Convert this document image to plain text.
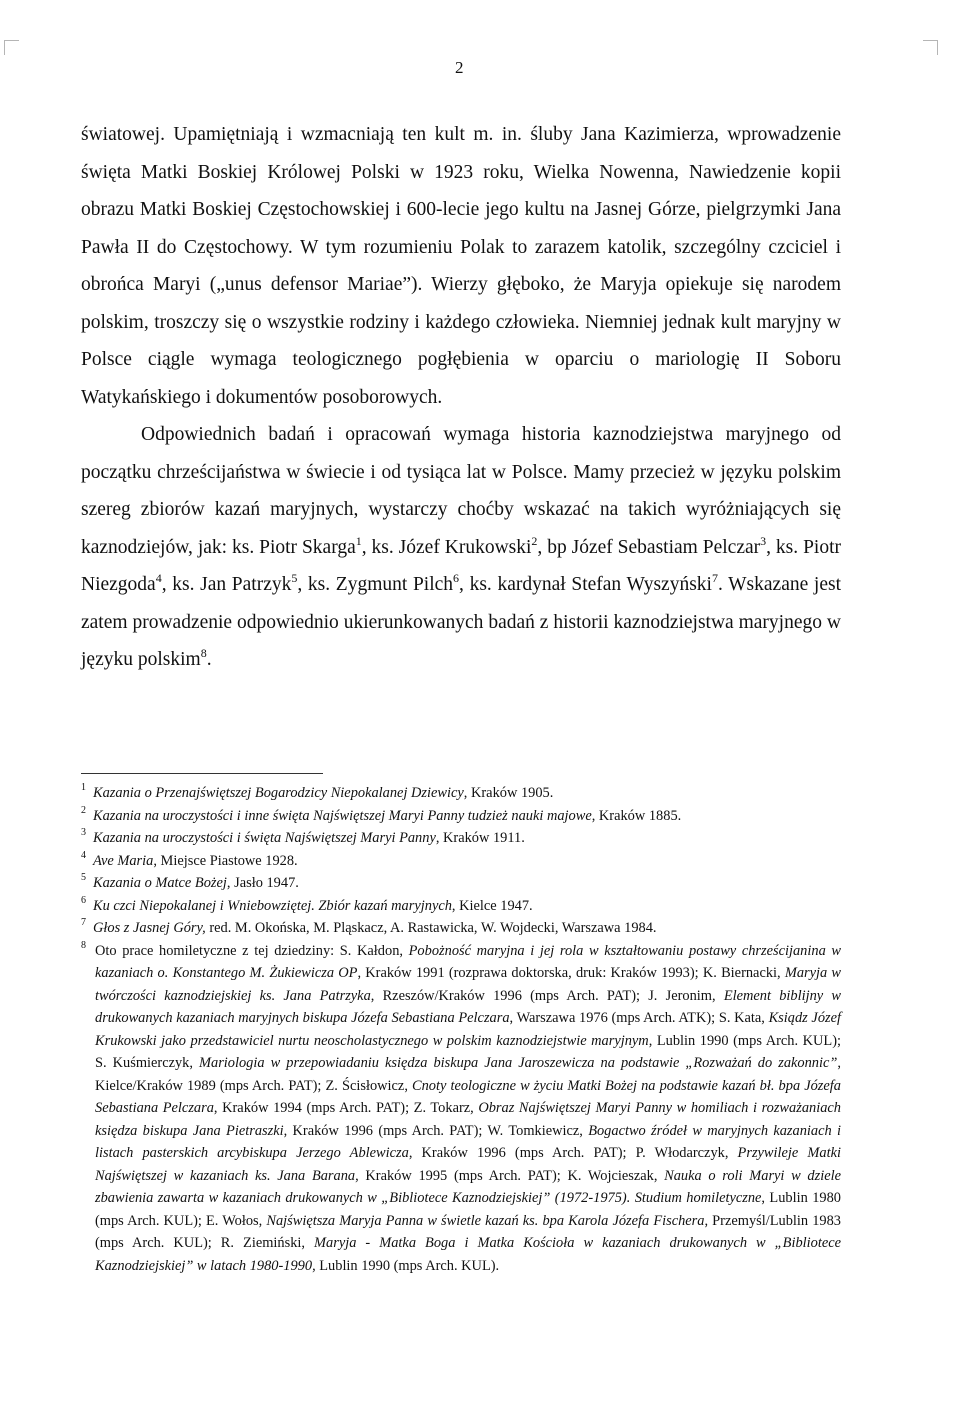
2

światowej. Upamiętniają i wzmacniają ten kult m. in. śluby Jana Kazimierza, wprowadzenie święta Matki Boskiej Królowej Polski w 1923 roku, Wielka Nowenna, Nawiedzenie kopii obrazu Matki Boskiej Częstochowskiej i 600-lecie jego kultu na Jasnej Górze, pielgrzymki Jana Pawła II do Częstochowy. W tym rozumieniu Polak to zarazem katolik, szczególny czciciel i obrońca Maryi („unus defensor Mariae”). Wierzy głęboko, że Maryja opiekuje się narodem polskim, troszczy się o wszystkie rodziny i każdego człowieka. Niemniej jednak kult maryjny w Polsce ciągle wymaga teologicznego pogłębienia w oparciu o mariologię II Soboru Watykańskiego i dokumentów posoborowych.

Odpowiednich badań i opracowań wymaga historia kaznodziejstwa maryjnego od początku chrześcijaństwa w świecie i od tysiąca lat w Polsce. Mamy przecież w języku polskim szereg zbiorów kazań maryjnych, wystarczy choćby wskazać na takich wyróżniających się kaznodziejów, jak: ks. Piotr Skarga$^1$, ks. Józef Krukowski$^2$, bp Józef Sebastiam Pelczar$^3$, ks. Piotr Niezgoda$^4$, ks. Jan Patrzyk$^5$, ks. Zygmunt Pilch$^6$, ks. kardynał Stefan Wyszyński$^7$. Wskazane jest zatem prowadzenie odpowiednio ukierunkowanych badań z historii kaznodziejstwa maryjnego w języku polskim$^8$.

1 Kazania o Przenajświętszej Bogarodzicy Niepokalanej Dziewicy, Kraków 1905.
2 Kazania na uroczystości i inne święta Najświętszej Maryi Panny tudzież nauki majowe, Kraków 1885.
3 Kazania na uroczystości i święta Najświętszej Maryi Panny, Kraków 1911.
4 Ave Maria, Miejsce Piastowe 1928.
5 Kazania o Matce Bożej, Jasło 1947.
6 Ku czci Niepokalanej i Wniebowziętej. Zbiór kazań maryjnych, Kielce 1947.
7 Głos z Jasnej Góry, red. M. Okońska, M. Pląskacz, A. Rastawicka, W. Wojdecki, Warszawa 1984.
8 Oto prace homiletyczne z tej dziedziny: S. Kałdon, Pobożność maryjna i jej rola w kształtowaniu postawy chrześcijanina w kazaniach o. Konstantego M. Żukiewicza OP, Kraków 1991 (rozprawa doktorska, druk: Kraków 1993); K. Biernacki, Maryja w twórczości kaznodziejskiej ks. Jana Patrzyka, Rzeszów/Kraków 1996 (mps Arch. PAT); J. Jeronim, Element biblijny w drukowanych kazaniach maryjnych biskupa Józefa Sebastiana Pelczara, Warszawa 1976 (mps Arch. ATK); S. Kata, Ksiądz Józef Krukowski jako przedstawiciel nurtu neoscholastycznego w polskim kaznodziejstwie maryjnym, Lublin 1990 (mps Arch. KUL); S. Kuśmierczyk, Mariologia w przepowiadaniu księdza biskupa Jana Jaroszewicza na podstawie „Rozważań do zakonnic”, Kielce/Kraków 1989 (mps Arch. PAT); Z. Ścisłowicz, Cnoty teologiczne w życiu Matki Bożej na podstawie kazań bł. bpa Józefa Sebastiana Pelczara, Kraków 1994 (mps Arch. PAT); Z. Tokarz, Obraz Najświętszej Maryi Panny w homiliach i rozważaniach księdza biskupa Jana Pietraszki, Kraków 1996 (mps Arch. PAT); W. Tomkiewicz, Bogactwo źródeł w maryjnych kazaniach i listach pasterskich arcybiskupa Jerzego Ablewicza, Kraków 1996 (mps Arch. PAT); P. Włodarczyk, Przywileje Matki Najświętszej w kazaniach ks. Jana Barana, Kraków 1995 (mps Arch. PAT); K. Wojcieszak, Nauka o roli Maryi w dziele zbawienia zawarta w kazaniach drukowanych w „Bibliotece Kaznodziejskiej” (1972-1975). Studium homiletyczne, Lublin 1980 (mps Arch. KUL); E. Wołos, Najświętsza Maryja Panna w świetle kazań ks. bpa Karola Józefa Fischera, Przemyśl/Lublin 1983 (mps Arch. KUL); R. Ziemiński, Maryja - Matka Boga i Matka Kościoła w kazaniach drukowanych w „Bibliotece Kaznodziejskiej” w latach 1980-1990, Lublin 1990 (mps Arch. KUL).
